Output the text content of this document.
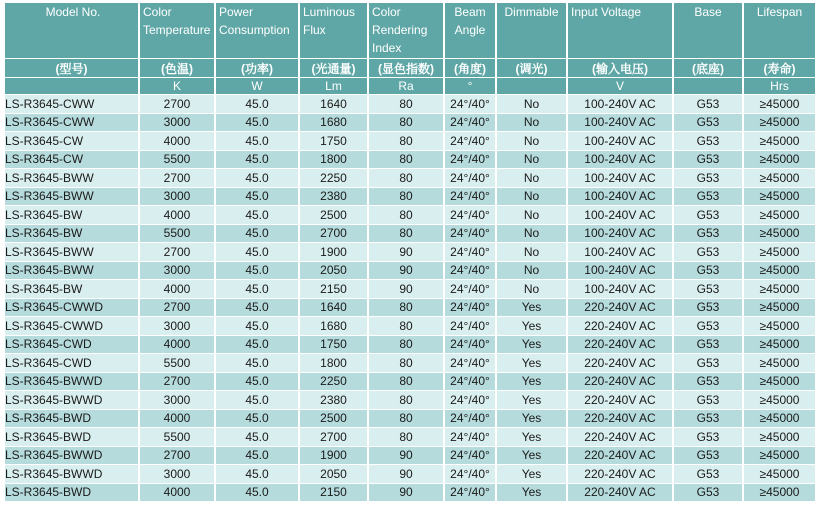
Model No.	Color Temperature	Power Consumption	Luminous Flux	Color Rendering Index	Beam Angle	Dimmable	Input Voltage	Base	Lifespan
(型号)	(色温)	(功率)	(光通量)	(显色指数)	(角度)	(调光)	(输入电压)	(底座)	(寿命)
	K	W	Lm	Ra	°		V		Hrs
LS-R3645-CWW	2700	45.0	1640	80	24°/40°	No	100-240V AC	G53	≥45000
LS-R3645-CWW	3000	45.0	1680	80	24°/40°	No	100-240V AC	G53	≥45000
LS-R3645-CW	4000	45.0	1750	80	24°/40°	No	100-240V AC	G53	≥45000
LS-R3645-CW	5500	45.0	1800	80	24°/40°	No	100-240V AC	G53	≥45000
LS-R3645-BWW	2700	45.0	2250	80	24°/40°	No	100-240V AC	G53	≥45000
LS-R3645-BWW	3000	45.0	2380	80	24°/40°	No	100-240V AC	G53	≥45000
LS-R3645-BW	4000	45.0	2500	80	24°/40°	No	100-240V AC	G53	≥45000
LS-R3645-BW	5500	45.0	2700	80	24°/40°	No	100-240V AC	G53	≥45000
LS-R3645-BWW	2700	45.0	1900	90	24°/40°	No	100-240V AC	G53	≥45000
LS-R3645-BWW	3000	45.0	2050	90	24°/40°	No	100-240V AC	G53	≥45000
LS-R3645-BW	4000	45.0	2150	90	24°/40°	No	100-240V AC	G53	≥45000
LS-R3645-CWWD	2700	45.0	1640	80	24°/40°	Yes	220-240V AC	G53	≥45000
LS-R3645-CWWD	3000	45.0	1680	80	24°/40°	Yes	220-240V AC	G53	≥45000
LS-R3645-CWD	4000	45.0	1750	80	24°/40°	Yes	220-240V AC	G53	≥45000
LS-R3645-CWD	5500	45.0	1800	80	24°/40°	Yes	220-240V AC	G53	≥45000
LS-R3645-BWWD	2700	45.0	2250	80	24°/40°	Yes	220-240V AC	G53	≥45000
LS-R3645-BWWD	3000	45.0	2380	80	24°/40°	Yes	220-240V AC	G53	≥45000
LS-R3645-BWD	4000	45.0	2500	80	24°/40°	Yes	220-240V AC	G53	≥45000
LS-R3645-BWD	5500	45.0	2700	80	24°/40°	Yes	220-240V AC	G53	≥45000
LS-R3645-BWWD	2700	45.0	1900	90	24°/40°	Yes	220-240V AC	G53	≥45000
LS-R3645-BWWD	3000	45.0	2050	90	24°/40°	Yes	220-240V AC	G53	≥45000
LS-R3645-BWD	4000	45.0	2150	90	24°/40°	Yes	220-240V AC	G53	≥45000
